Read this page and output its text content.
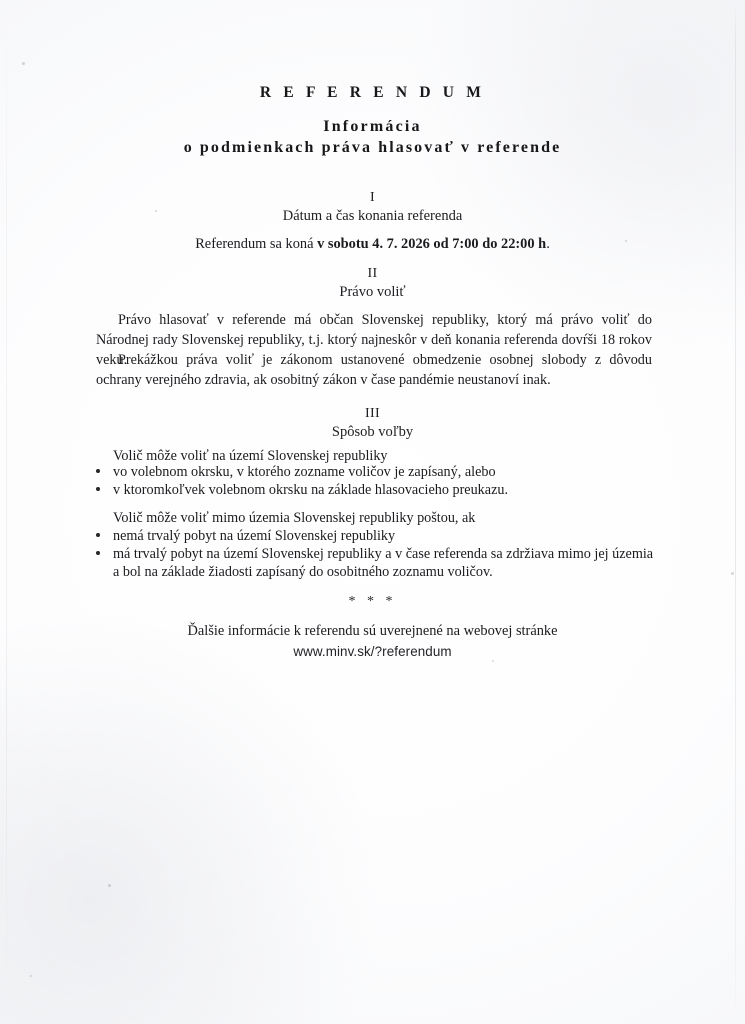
R E F E R E N D U M
Informácia
o podmienkach práva hlasovať v referende
I
Dátum a čas konania referenda
Referendum sa koná v sobotu 4. 7. 2026 od 7:00 do 22:00 h.
II
Právo voliť
Právo hlasovať v referende má občan Slovenskej republiky, ktorý má právo voliť do Národnej rady Slovenskej republiky, t.j. ktorý najneskôr v deň konania referenda dovŕši 18 rokov veku.
Prekážkou práva voliť je zákonom ustanovené obmedzenie osobnej slobody z dôvodu ochrany verejného zdravia, ak osobitný zákon v čase pandémie neustanoví inak.
III
Spôsob voľby
Volič môže voliť na území Slovenskej republiky
vo volebnom okrsku, v ktorého zozname voličov je zapísaný, alebo
v ktoromkoľvek volebnom okrsku na základe hlasovacieho preukazu.
Volič môže voliť mimo územia Slovenskej republiky poštou, ak
nemá trvalý pobyt na území Slovenskej republiky
má trvalý pobyt na území Slovenskej republiky a v čase referenda sa zdržiava mimo jej územia
a bol na základe žiadosti zapísaný do osobitného zoznamu voličov.
* * *
Ďalšie informácie k referendu sú uverejnené na webovej stránke
www.minv.sk/?referendum
